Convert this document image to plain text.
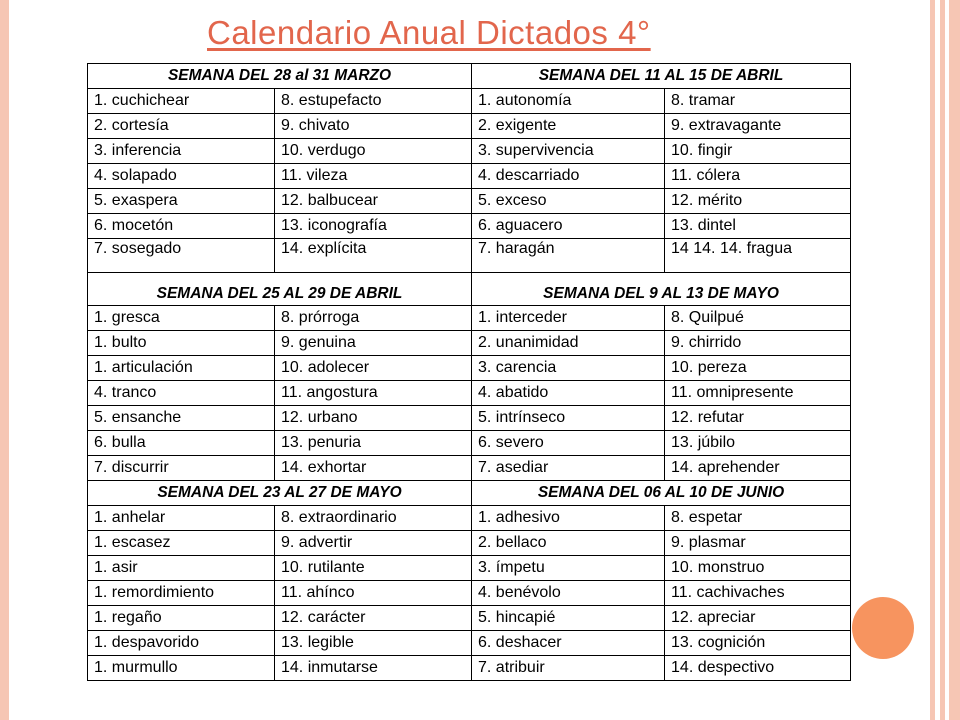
Calendario Anual Dictados 4°
SEMANA DEL 28 al 31 MARZO		SEMANA DEL 11 AL 15 DE ABRIL	
1. cuchichear	8. estupefacto	1. autonomía	8. tramar
2. cortesía	9. chivato	2. exigente	9. extravagante
3. inferencia	10. verdugo	3. supervivencia	10. fingir
4. solapado	11. vileza	4. descarriado	11. cólera
5. exaspera	12. balbucear	5. exceso	12. mérito
6. mocetón	13. iconografía	6. aguacero	13. dintel
7. sosegado	14. explícita	7. haragán	14 14. 14. fragua
SEMANA DEL 25 AL 29 DE ABRIL		SEMANA DEL 9 AL 13 DE MAYO	
1. gresca	8. prórroga	1. interceder	8. Quilpué
1. bulto	9. genuina	2. unanimidad	9. chirrido
1. articulación	10. adolecer	3. carencia	10. pereza
4. tranco	11. angostura	4. abatido	11. omnipresente
5. ensanche	12. urbano	5. intrínseco	12. refutar
6. bulla	13. penuria	6. severo	13. júbilo
7. discurrir	14. exhortar	7. asediar	14. aprehender
SEMANA DEL 23 AL 27 DE MAYO		SEMANA DEL 06 AL 10 DE JUNIO	
1. anhelar	8. extraordinario	1. adhesivo	8. espetar
1. escasez	9. advertir	2. bellaco	9. plasmar
1. asir	10. rutilante	3. ímpetu	10. monstruo
1. remordimiento	11. ahínco	4. benévolo	11. cachivaches
1. regaño	12. carácter	5. hincapié	12. apreciar
1. despavorido	13. legible	6. deshacer	13. cognición
1. murmullo	14. inmutarse	7. atribuir	14. despectivo
